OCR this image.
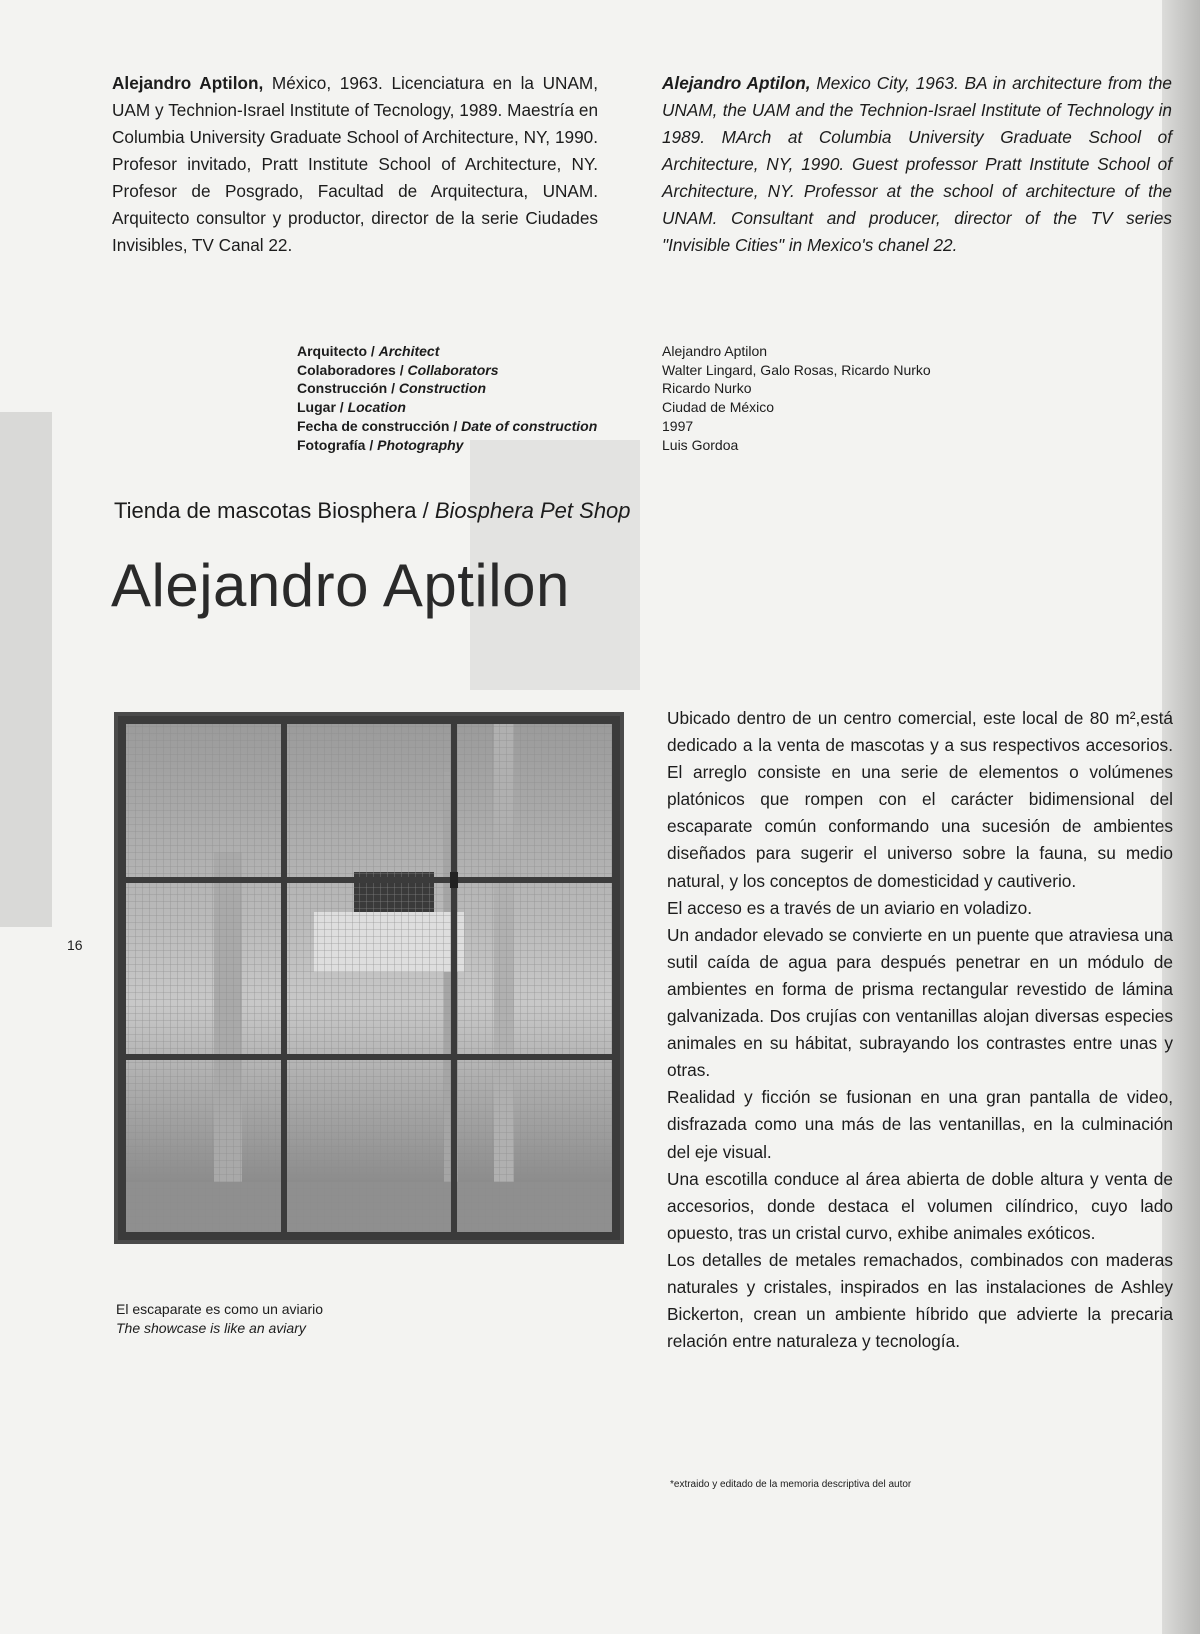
Alejandro Aptilon, México, 1963. Licenciatura en la UNAM, UAM y Technion-Israel Institute of Tecnology, 1989. Maestría en Columbia University Graduate School of Architecture, NY, 1990. Profesor invitado, Pratt Institute School of Architecture, NY. Profesor de Posgrado, Facultad de Arquitectura, UNAM. Arquitecto consultor y productor, director de la serie Ciudades Invisibles, TV Canal 22.
Alejandro Aptilon, Mexico City, 1963. BA in architecture from the UNAM, the UAM and the Technion-Israel Institute of Technology in 1989. MArch at Columbia University Graduate School of Architecture, NY, 1990. Guest professor Pratt Institute School of Architecture, NY. Professor at the school of architecture of the UNAM. Consultant and producer, director of the TV series "Invisible Cities" in Mexico's chanel 22.
Arquitecto / Architect
Colaboradores / Collaborators
Construcción / Construction
Lugar / Location
Fecha de construcción / Date of construction
Fotografía / Photography
Alejandro Aptilon
Walter Lingard, Galo Rosas, Ricardo Nurko
Ricardo Nurko
Ciudad de México
1997
Luis Gordoa
Tienda de mascotas Biosphera / Biosphera Pet Shop
Alejandro Aptilon
El escaparate es como un aviario
The showcase is like an aviary

Ubicado dentro de un centro comercial, este local de 80 m²,está dedicado a la venta de mascotas y a sus respectivos accesorios. El arreglo consiste en una serie de elementos o volúmenes platónicos que rompen con el carácter bidimensional del escaparate común conformando una sucesión de ambientes diseñados para sugerir el universo sobre la fauna, su medio natural, y los conceptos de domesticidad y cautiverio.

El acceso es a través de un aviario en voladizo.

Un andador elevado se convierte en un puente que atraviesa una sutil caída de agua para después penetrar en un módulo de ambientes en forma de prisma rectangular revestido de lámina galvanizada. Dos crujías con ventanillas alojan diversas especies animales en su hábitat, subrayando los contrastes entre unas y otras.

Realidad y ficción se fusionan en una gran pantalla de video, disfrazada como una más de las ventanillas, en la culminación del eje visual.

Una escotilla conduce al área abierta de doble altura y venta de accesorios, donde destaca el volumen cilíndrico, cuyo lado opuesto, tras un cristal curvo, exhibe animales exóticos.

Los detalles de metales remachados, combinados con maderas naturales y cristales, inspirados en las instalaciones de Ashley Bickerton, crean un ambiente híbrido que advierte la precaria relación entre naturaleza y tecnología.

16
*extraido y editado de la memoria descriptiva del autor
